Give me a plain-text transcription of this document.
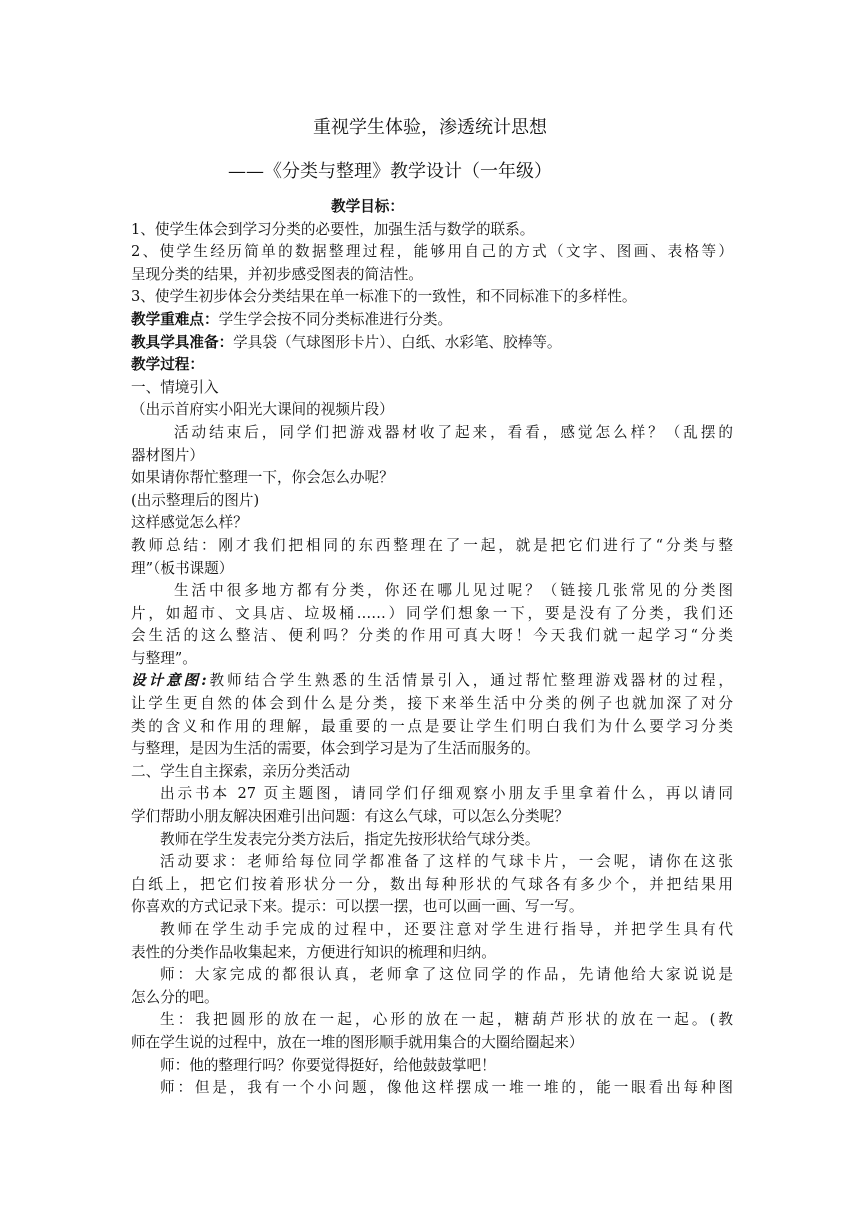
重视学生体验，渗透统计思想
——《分类与整理》教学设计（一年级）
教学目标：
1、使学生体会到学习分类的必要性，加强生活与数学的联系。
2、使学生经历简单的数据整理过程，能够用自己的方式（文字、图画、表格等）
呈现分类的结果，并初步感受图表的简洁性。
3、使学生初步体会分类结果在单一标准下的一致性，和不同标准下的多样性。
教学重难点：学生学会按不同分类标准进行分类。
教具学具准备：学具袋（气球图形卡片）、白纸、水彩笔、胶棒等。
教学过程：
一、情境引入
（出示首府实小阳光大课间的视频片段）
活动结束后，同学们把游戏器材收了起来，看看，感觉怎么样？（乱摆的
器材图片）
如果请你帮忙整理一下，你会怎么办呢？
(出示整理后的图片)
这样感觉怎么样？
教师总结：刚才我们把相同的东西整理在了一起，就是把它们进行了“分类与整
理”（板书课题）
生活中很多地方都有分类，你还在哪儿见过呢？（链接几张常见的分类图
片，如超市、文具店、垃圾桶……）同学们想象一下，要是没有了分类，我们还
会生活的这么整洁、便利吗？分类的作用可真大呀！今天我们就一起学习“分类
与整理”。
设计意图:教师结合学生熟悉的生活情景引入，通过帮忙整理游戏器材的过程，
让学生更自然的体会到什么是分类，接下来举生活中分类的例子也就加深了对分
类的含义和作用的理解，最重要的一点是要让学生们明白我们为什么要学习分类
与整理，是因为生活的需要，体会到学习是为了生活而服务的。
二、学生自主探索，亲历分类活动
出示书本 27 页主题图，请同学们仔细观察小朋友手里拿着什么，再以请同
学们帮助小朋友解决困难引出问题：有这么气球，可以怎么分类呢？
教师在学生发表完分类方法后，指定先按形状给气球分类。
活动要求：老师给每位同学都准备了这样的气球卡片，一会呢，请你在这张
白纸上，把它们按着形状分一分，数出每种形状的气球各有多少个，并把结果用
你喜欢的方式记录下来。提示：可以摆一摆，也可以画一画、写一写。
教师在学生动手完成的过程中，还要注意对学生进行指导，并把学生具有代
表性的分类作品收集起来，方便进行知识的梳理和归纳。
师：大家完成的都很认真，老师拿了这位同学的作品，先请他给大家说说是
怎么分的吧。
生：我把圆形的放在一起，心形的放在一起，糖葫芦形状的放在一起。(教
师在学生说的过程中，放在一堆的图形顺手就用集合的大圈给圈起来）
师：他的整理行吗？你要觉得挺好，给他鼓鼓掌吧！
师：但是，我有一个小问题，像他这样摆成一堆一堆的，能一眼看出每种图
